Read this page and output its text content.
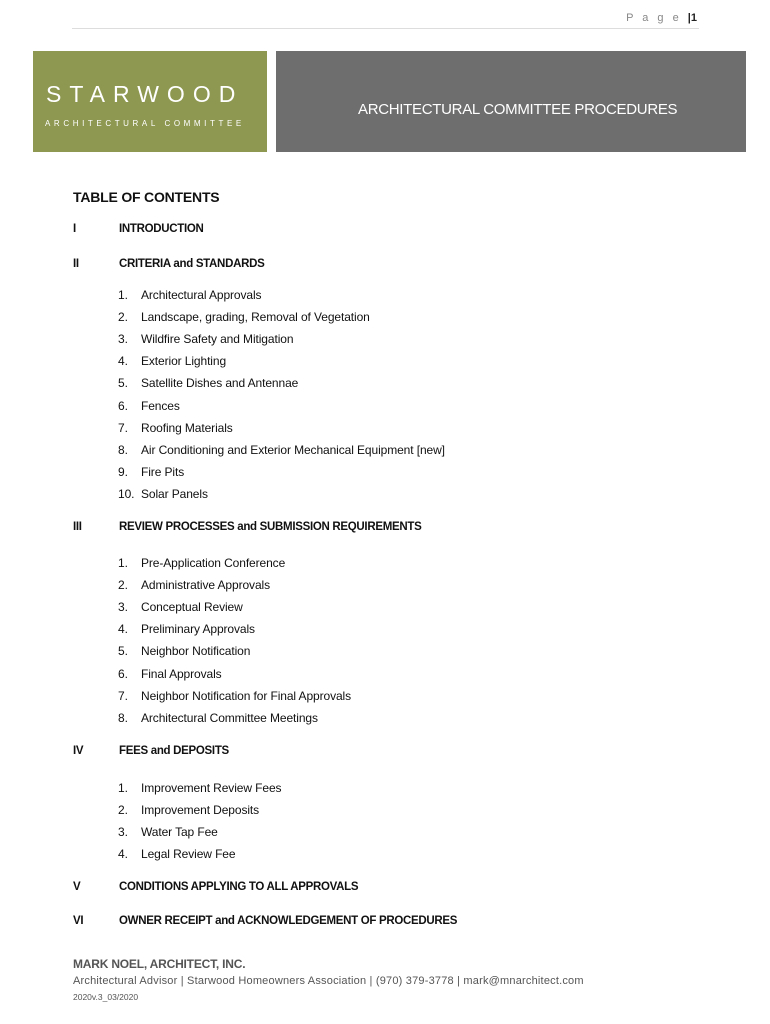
P a g e |1
STARWOOD
ARCHITECTURAL COMMITTEE
ARCHITECTURAL COMMITTEE PROCEDURES
TABLE OF CONTENTS
I	INTRODUCTION
II	CRITERIA and STANDARDS
1. Architectural Approvals
2. Landscape, grading, Removal of Vegetation
3. Wildfire Safety and Mitigation
4. Exterior Lighting
5. Satellite Dishes and Antennae
6. Fences
7. Roofing Materials
8. Air Conditioning and Exterior Mechanical Equipment [new]
9. Fire Pits
10. Solar Panels
III	REVIEW PROCESSES and SUBMISSION REQUIREMENTS
1. Pre-Application Conference
2. Administrative Approvals
3. Conceptual Review
4. Preliminary Approvals
5. Neighbor Notification
6. Final Approvals
7. Neighbor Notification for Final Approvals
8. Architectural Committee Meetings
IV	FEES and DEPOSITS
1. Improvement Review Fees
2. Improvement Deposits
3. Water Tap Fee
4. Legal Review Fee
V	CONDITIONS APPLYING TO ALL APPROVALS
VI	OWNER RECEIPT and ACKNOWLEDGEMENT OF PROCEDURES
MARK NOEL, ARCHITECT, INC.
Architectural Advisor | Starwood Homeowners Association | (970) 379-3778 | mark@mnarchitect.com
2020v.3_03/2020
